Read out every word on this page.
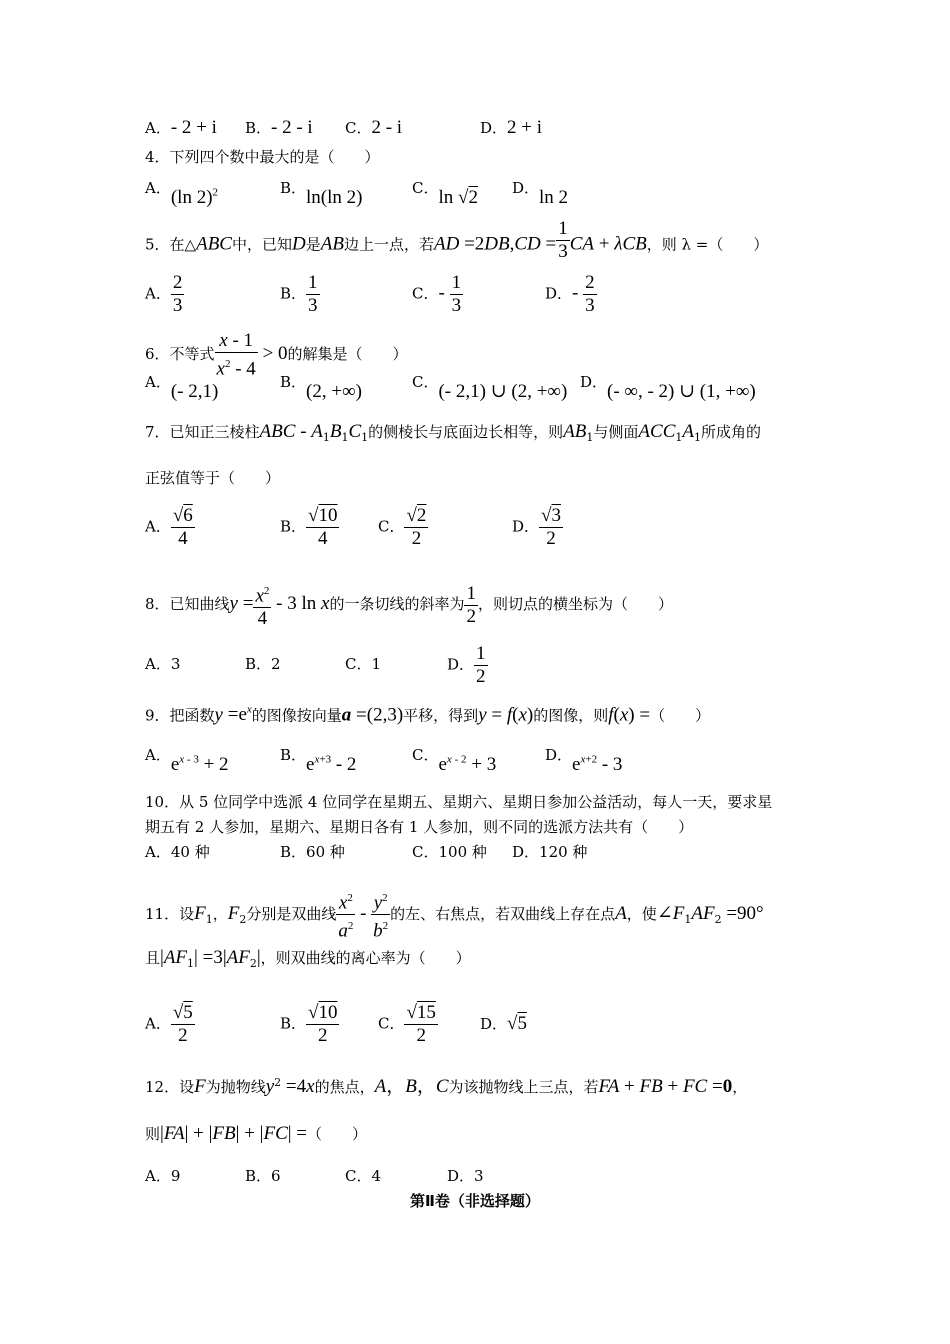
A．- 2 + i B．- 2 - i C．2 - i	D．2 + i
4．下列四个数中最大的是（　　）
A．(ln 2)$^2$	B．ln(ln 2)	C．ln √2 D．ln 2
5．在△ABC中，已知D是AB边上一点，若AD $=2DB,CD = \frac{1}{3}$ CA + λCB，则 λ =（　　）
A． $\frac{2}{3}$	B． $\frac{1}{3}$	C．- $\frac{1}{3}$	D．- $\frac{2}{3}$
6．不等式 $\frac{x - 1}{x^2 - 4} > 0$的解集是（　　）
A．(- 2,1)	B．(2, +∞)	C．(- 2,1) ∪ (2, +∞) D．(- ∞, - 2) ∪ (1, +∞)
7．已知正三棱柱ABC - $A_1B_1C_1$的侧棱长与底面边长相等，则$AB_1$与侧面$ACC_1A_1$所成角的
正弦值等于（　　）
A． $\frac{√6}{4}$	B． $\frac{√10}{4}$	C． $\frac{√2}{2}$	D． $\frac{√3}{2}$
8．已知曲线$y = \frac{x^2}{4} - 3$ ln x的一条切线的斜率为 $\frac{1}{2}$ ，则切点的横坐标为（　　）
A．3	B．2	C．1	D． $\frac{1}{2}$
9．把函数$y =e^x$的图像按向量a =(2,3)平移，得到y = f(x)的图像，则f(x) =（　　）
A．$e^{x - 3} + 2$	B．$e^{x+3} - 2$	C．$e^{x - 2} + 3$	D．$e^{x+2} - 3$
10．从 5 位同学中选派 4 位同学在星期五、星期六、星期日参加公益活动，每人一天，要求星
期五有 2 人参加，星期六、星期日各有 1 人参加，则不同的选派方法共有（　　）
A．40 种	B．60 种	C．100 种 D．120 种
11．设$F_1$，$F_2$分别是双曲线 $\frac{x^2}{a^2} - \frac{y^2}{b^2}$ 的左、右焦点，若双曲线上存在点A，使$\angle F_1AF_2 =90^\circ$
且$|AF_1| =3|AF_2|$，则双曲线的离心率为（　　）
A． $\frac{√5}{2}$	B． $\frac{√10}{2}$	C． $\frac{√15}{2}$	D．√5
12．设F为抛物线$y^2 =4x$的焦点，A，B，C为该抛物线上三点，若FA + FB + FC =0，
则|FA| + |FB| + |FC| =（　　）
A．9	B．6	C．4	D．3
第Ⅱ卷（非选择题）
